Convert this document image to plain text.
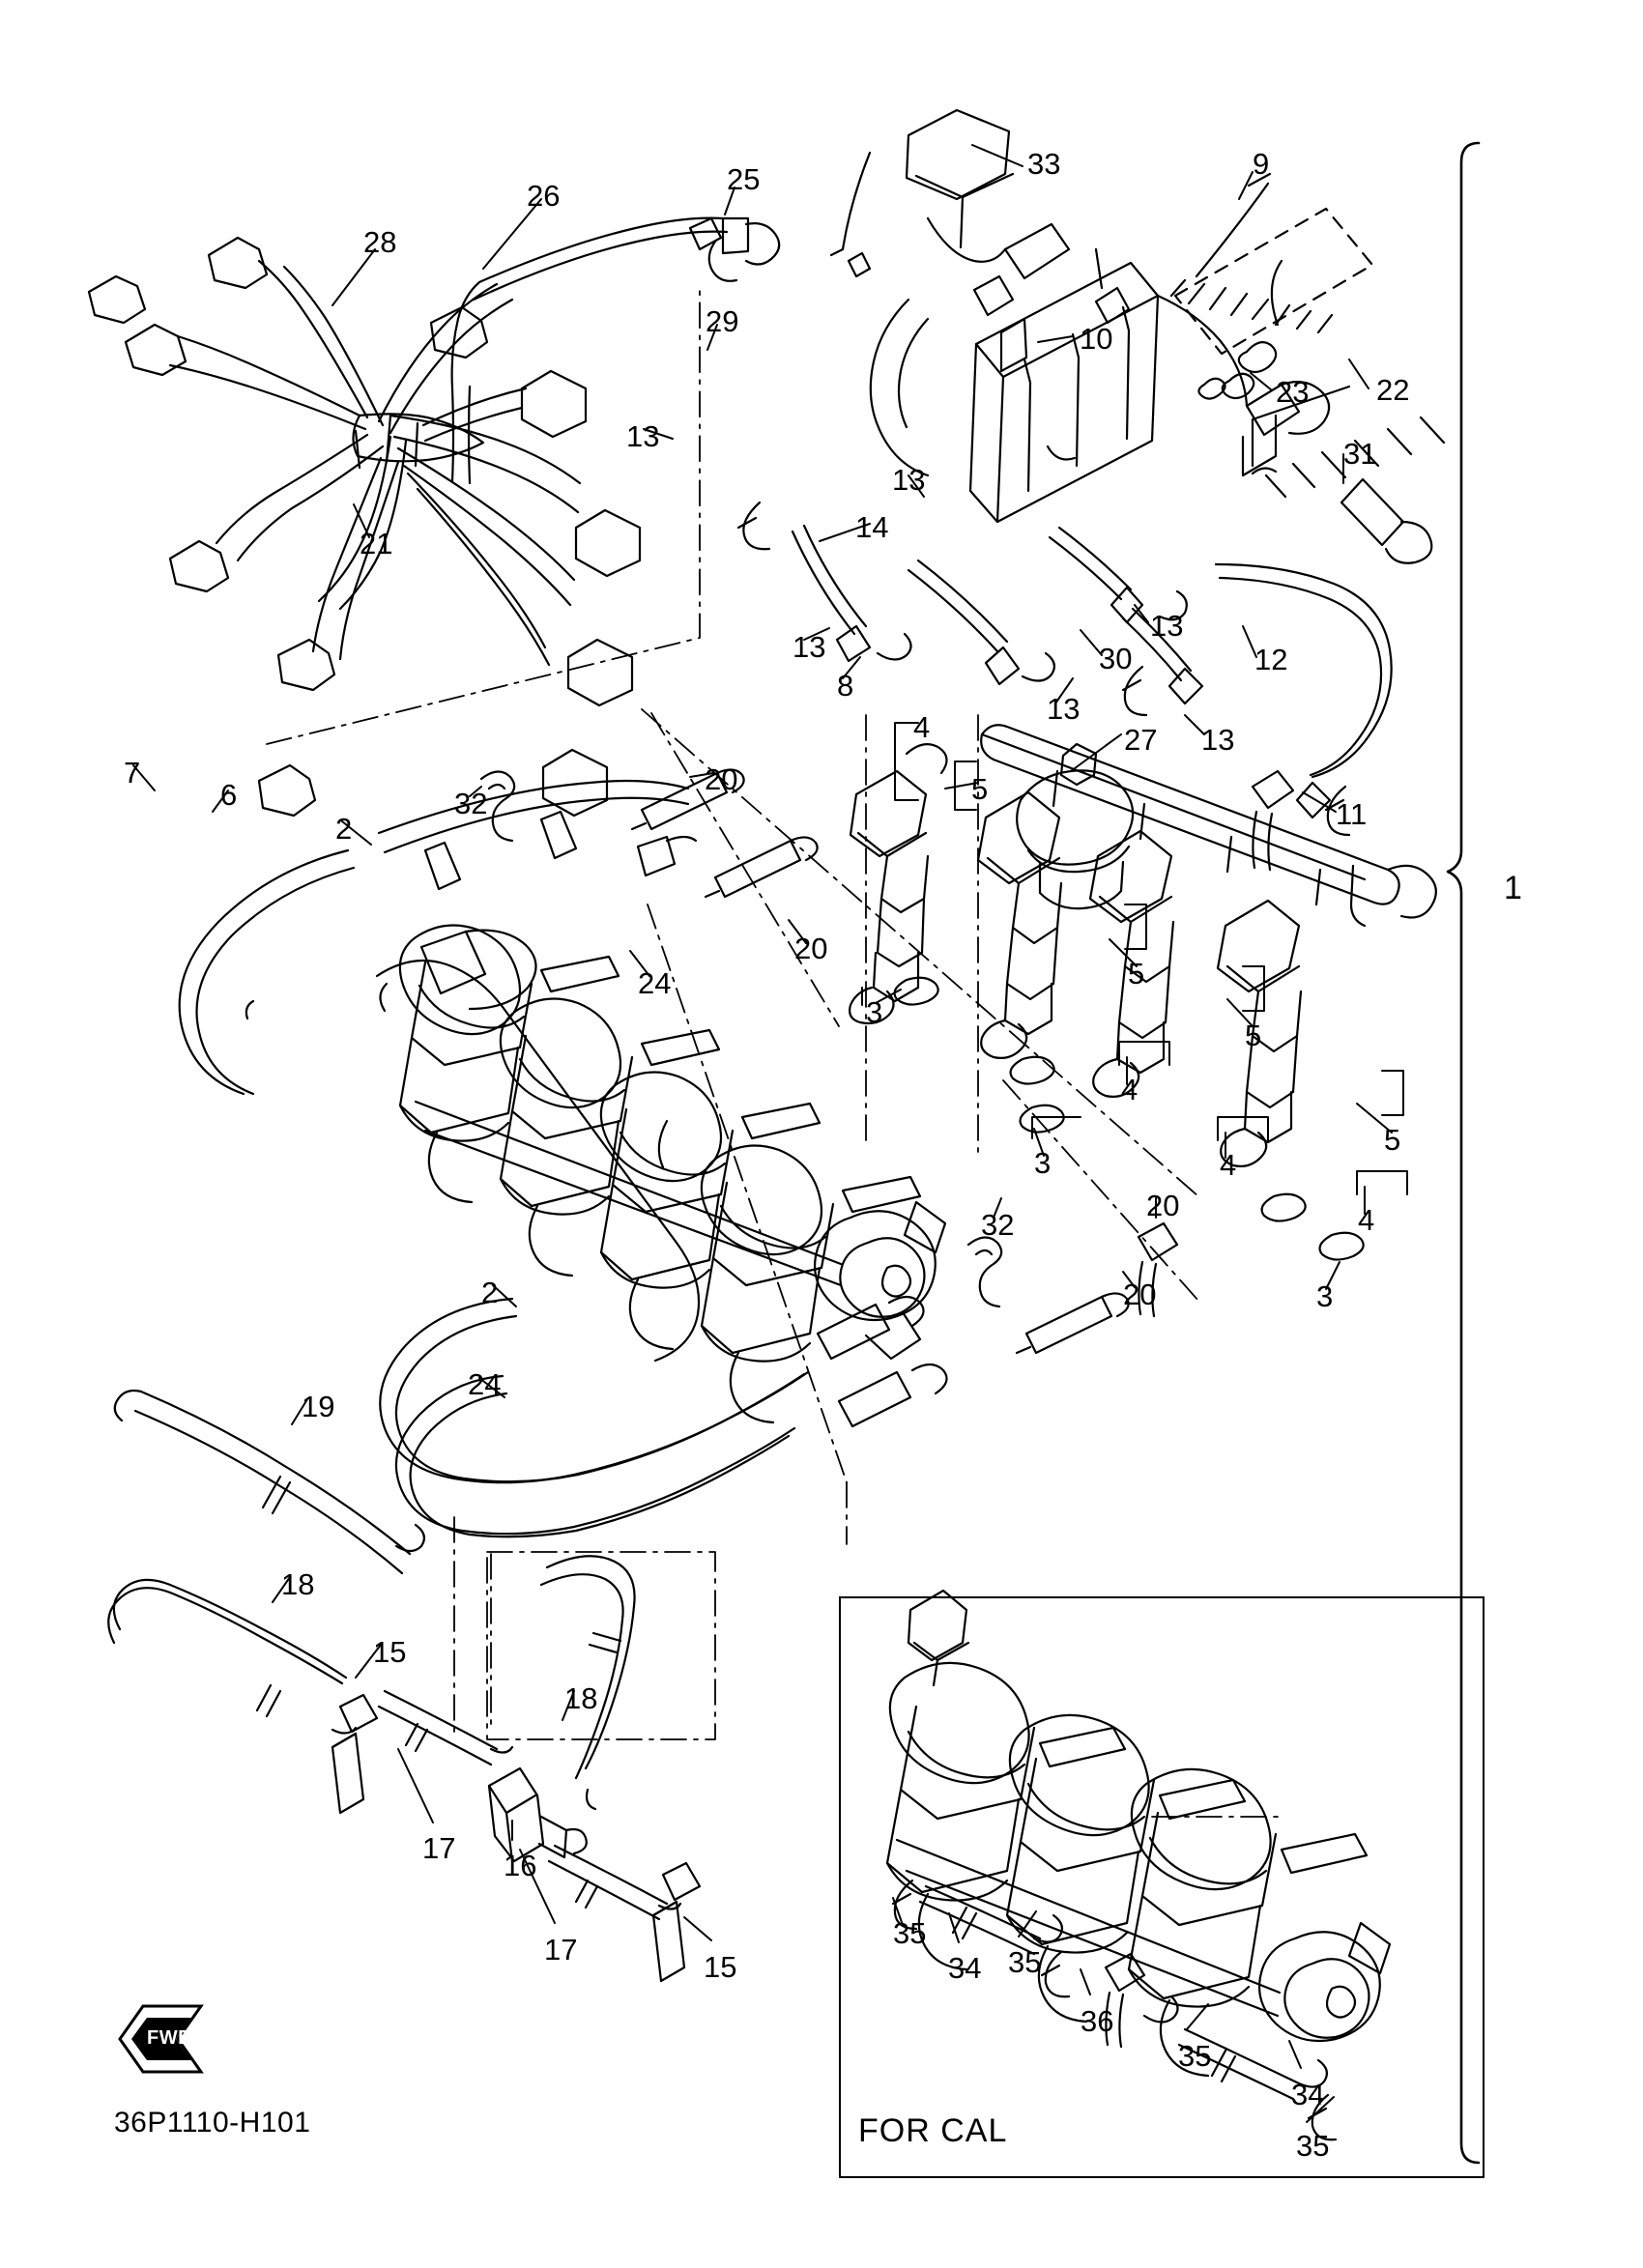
FOR CAL
FWD
36P1110-H101
1
33	9
28
26	25
10
29
22
23
31
13
13
21	14
13
12
30
13
8
13
13
4	27
7
6	32
20	5
11
2
24
20
5
5
3
4
4
5
3
4
32
20
20	3
2
24
19
18
15
18
17
16
17
15
35
34 35
36
35
34
35
